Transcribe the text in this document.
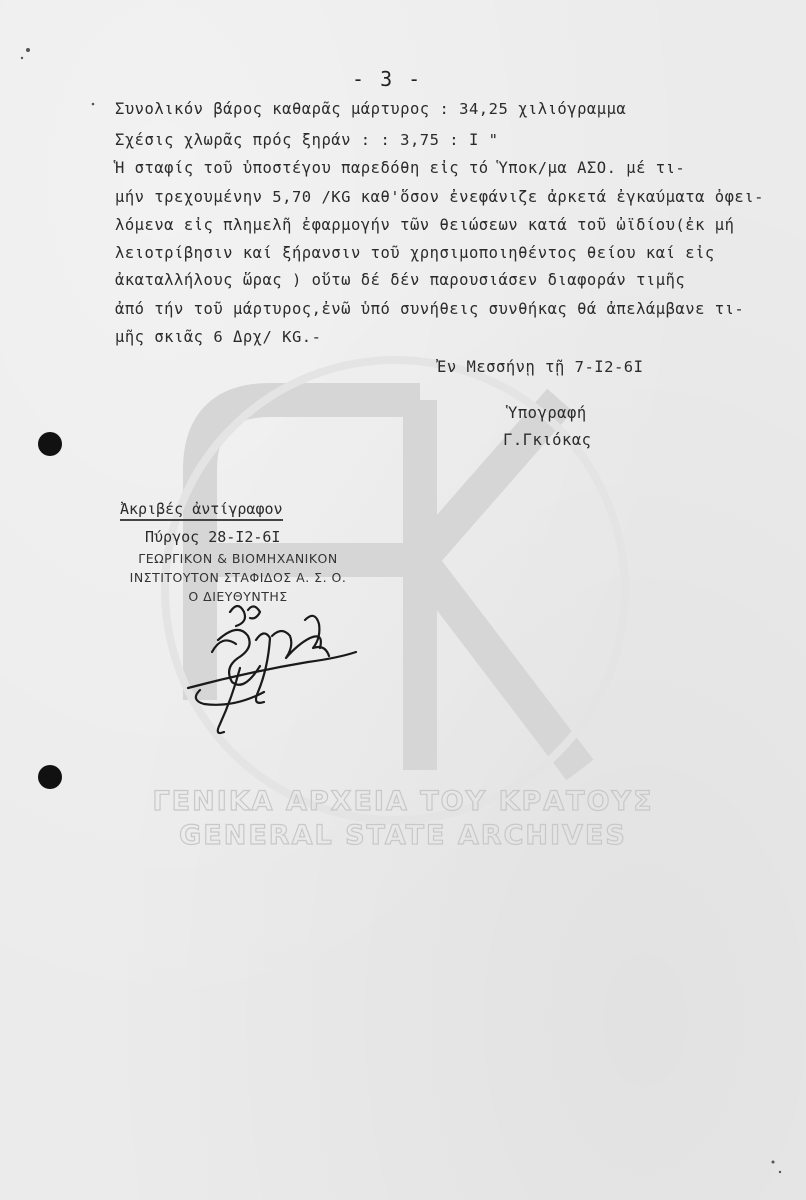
ΓΕΝΙΚΑ ΑΡΧΕΙΑ ΤΟΥ ΚΡΑΤΟΥΣ
GENERAL STATE ARCHIVES
- 3 -

Συνολικόν βάρος καθαρᾶς μάρτυρος : 34,25 χιλιόγραμμα

Σχέσις χλωρᾶς πρός ξηράν : : 3,75 : Ι "

Ἡ σταφίς τοῦ ὑποστέγου παρεδόθη εἰς τό Ὑποκ/μα ΑΣΟ. μέ τι-

μήν τρεχουμένην 5,70 /KG καθ'ὅσον ἐνεφάνιζε ἀρκετά ἐγκαύματα ὀφει-

λόμενα εἰς πλημελῆ ἐφαρμογήν τῶν θειώσεων κατά τοῦ ὠϊδίου(ἐκ μή

λειοτρίβησιν καί ξήρανσιν τοῦ χρησιμοποιηθέντος θείου καί εἰς

ἀκαταλλήλους ὥρας ) οὕτω δέ δέν παρουσιάσεν διαφοράν τιμῆς

ἀπό τήν τοῦ μάρτυρος,ἐνῶ ὑπό συνήθεις συνθήκας θά ἀπελάμβανε τι-

μῆς σκιᾶς 6 Δρχ/ KG.-

Ἐν Μεσσήνῃ τῇ 7-Ι2-6Ι

Ὑπογραφή

Γ.Γκιόκας

Ἀκριβές ἀντίγραφον
Πύργος 28-Ι2-6Ι
ΓΕΩΡΓΙΚΟΝ & ΒΙΟΜΗΧΑΝΙΚΟΝ
ΙΝΣΤΙΤΟΥΤΟΝ ΣΤΑΦΙΔΟΣ Α. Σ. Ο.
Ο ΔΙΕΥΘΥΝΤΗΣ
